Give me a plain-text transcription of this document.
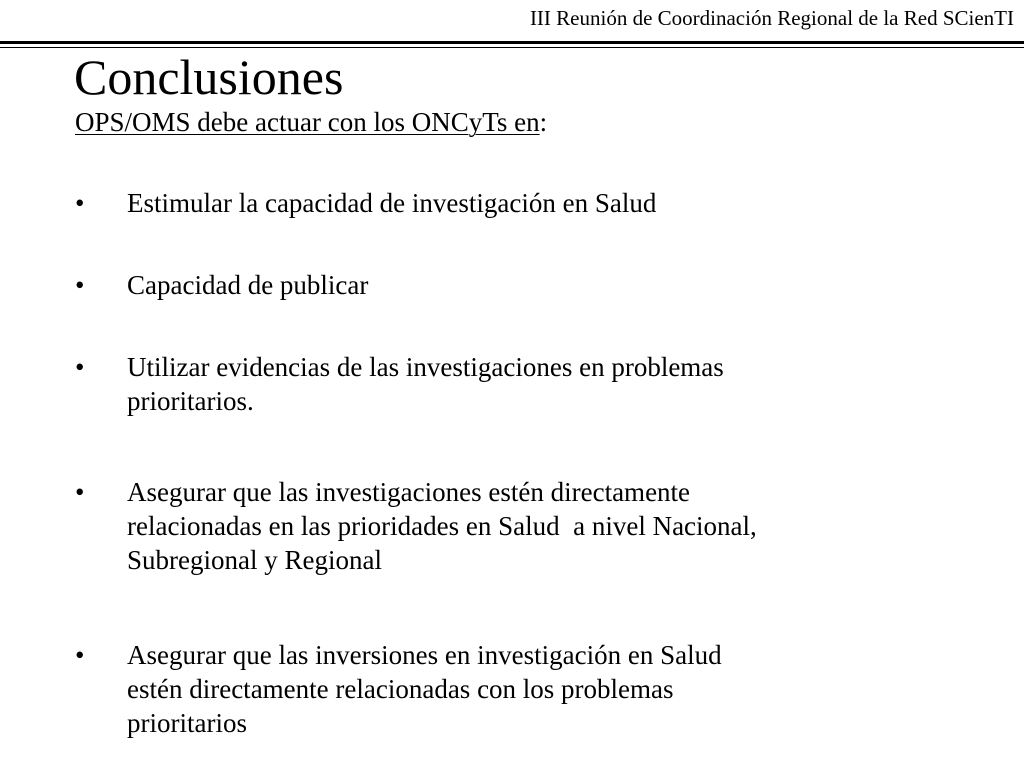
III Reunión de Coordinación Regional de la Red SCienTI
Conclusiones
OPS/OMS debe actuar con los ONCyTs en:
•	Estimular la capacidad de investigación en Salud
•	Capacidad de publicar
•	Utilizar evidencias de las investigaciones en problemas
prioritarios.
•	Asegurar que las investigaciones estén directamente
relacionadas en las prioridades en Salud  a nivel Nacional,
Subregional y Regional
•	Asegurar que las inversiones en investigación en Salud
estén directamente relacionadas con los problemas
prioritarios
